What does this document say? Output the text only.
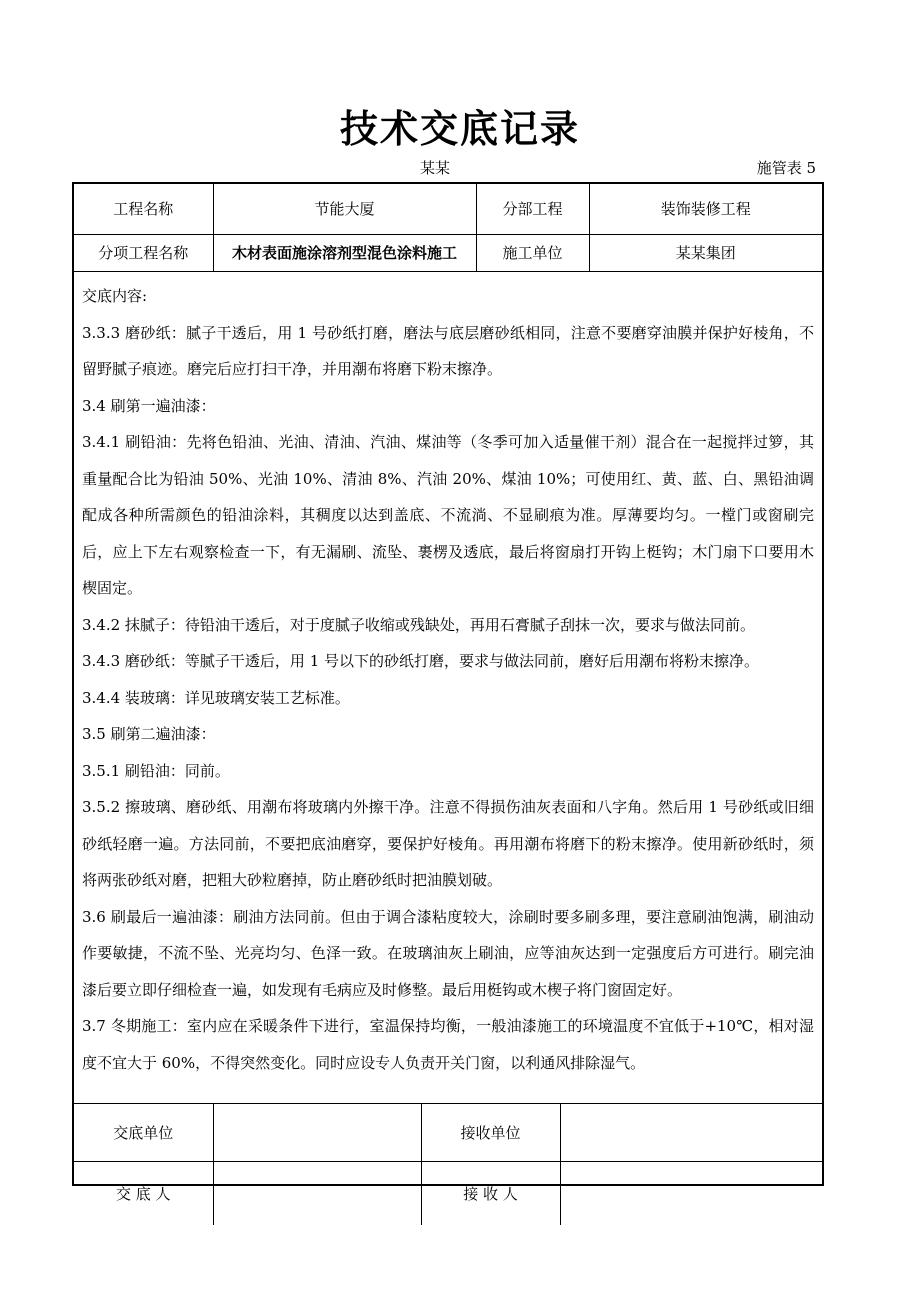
技术交底记录
某某	施管表 5
工程名称	节能大厦	分部工程	装饰装修工程
分项工程名称	木材表面施涂溶剂型混色涂料施工	施工单位	某某集团

交底内容:

3.3.3 磨砂纸：腻子干透后，用 1 号砂纸打磨，磨法与底层磨砂纸相同，注意不要磨穿油膜并保护好棱角，不留野腻子痕迹。磨完后应打扫干净，并用潮布将磨下粉末擦净。

3.4 刷第一遍油漆：

3.4.1 刷铅油：先将色铅油、光油、清油、汽油、煤油等（冬季可加入适量催干剂）混合在一起搅拌过箩，其重量配合比为铅油 50%、光油 10%、清油 8%、汽油 20%、煤油 10%；可使用红、黄、蓝、白、黑铅油调配成各种所需颜色的铅油涂料，其稠度以达到盖底、不流淌、不显刷痕为准。厚薄要均匀。一樘门或窗刷完后，应上下左右观察检查一下，有无漏刷、流坠、裹楞及透底，最后将窗扇打开钩上梃钩；木门扇下口要用木楔固定。

3.4.2 抹腻子：待铅油干透后，对于度腻子收缩或残缺处，再用石膏腻子刮抹一次，要求与做法同前。

3.4.3 磨砂纸：等腻子干透后，用 1 号以下的砂纸打磨，要求与做法同前，磨好后用潮布将粉末擦净。

3.4.4 装玻璃：详见玻璃安装工艺标准。

3.5 刷第二遍油漆：

3.5.1 刷铅油：同前。

3.5.2 擦玻璃、磨砂纸、用潮布将玻璃内外擦干净。注意不得损伤油灰表面和八字角。然后用 1 号砂纸或旧细砂纸轻磨一遍。方法同前，不要把底油磨穿，要保护好棱角。再用潮布将磨下的粉末擦净。使用新砂纸时，须将两张砂纸对磨，把粗大砂粒磨掉，防止磨砂纸时把油膜划破。

3.6 刷最后一遍油漆：刷油方法同前。但由于调合漆粘度较大，涂刷时要多刷多理，要注意刷油饱满，刷油动作要敏捷，不流不坠、光亮均匀、色泽一致。在玻璃油灰上刷油，应等油灰达到一定强度后方可进行。刷完油漆后要立即仔细检查一遍，如发现有毛病应及时修整。最后用梃钩或木楔子将门窗固定好。

3.7 冬期施工：室内应在采暖条件下进行，室温保持均衡，一般油漆施工的环境温度不宜低于+10℃，相对湿度不宜大于 60%，不得突然变化。同时应设专人负责开关门窗，以利通风排除湿气。

交底单位		接收单位	
交 底 人		接 收 人	
